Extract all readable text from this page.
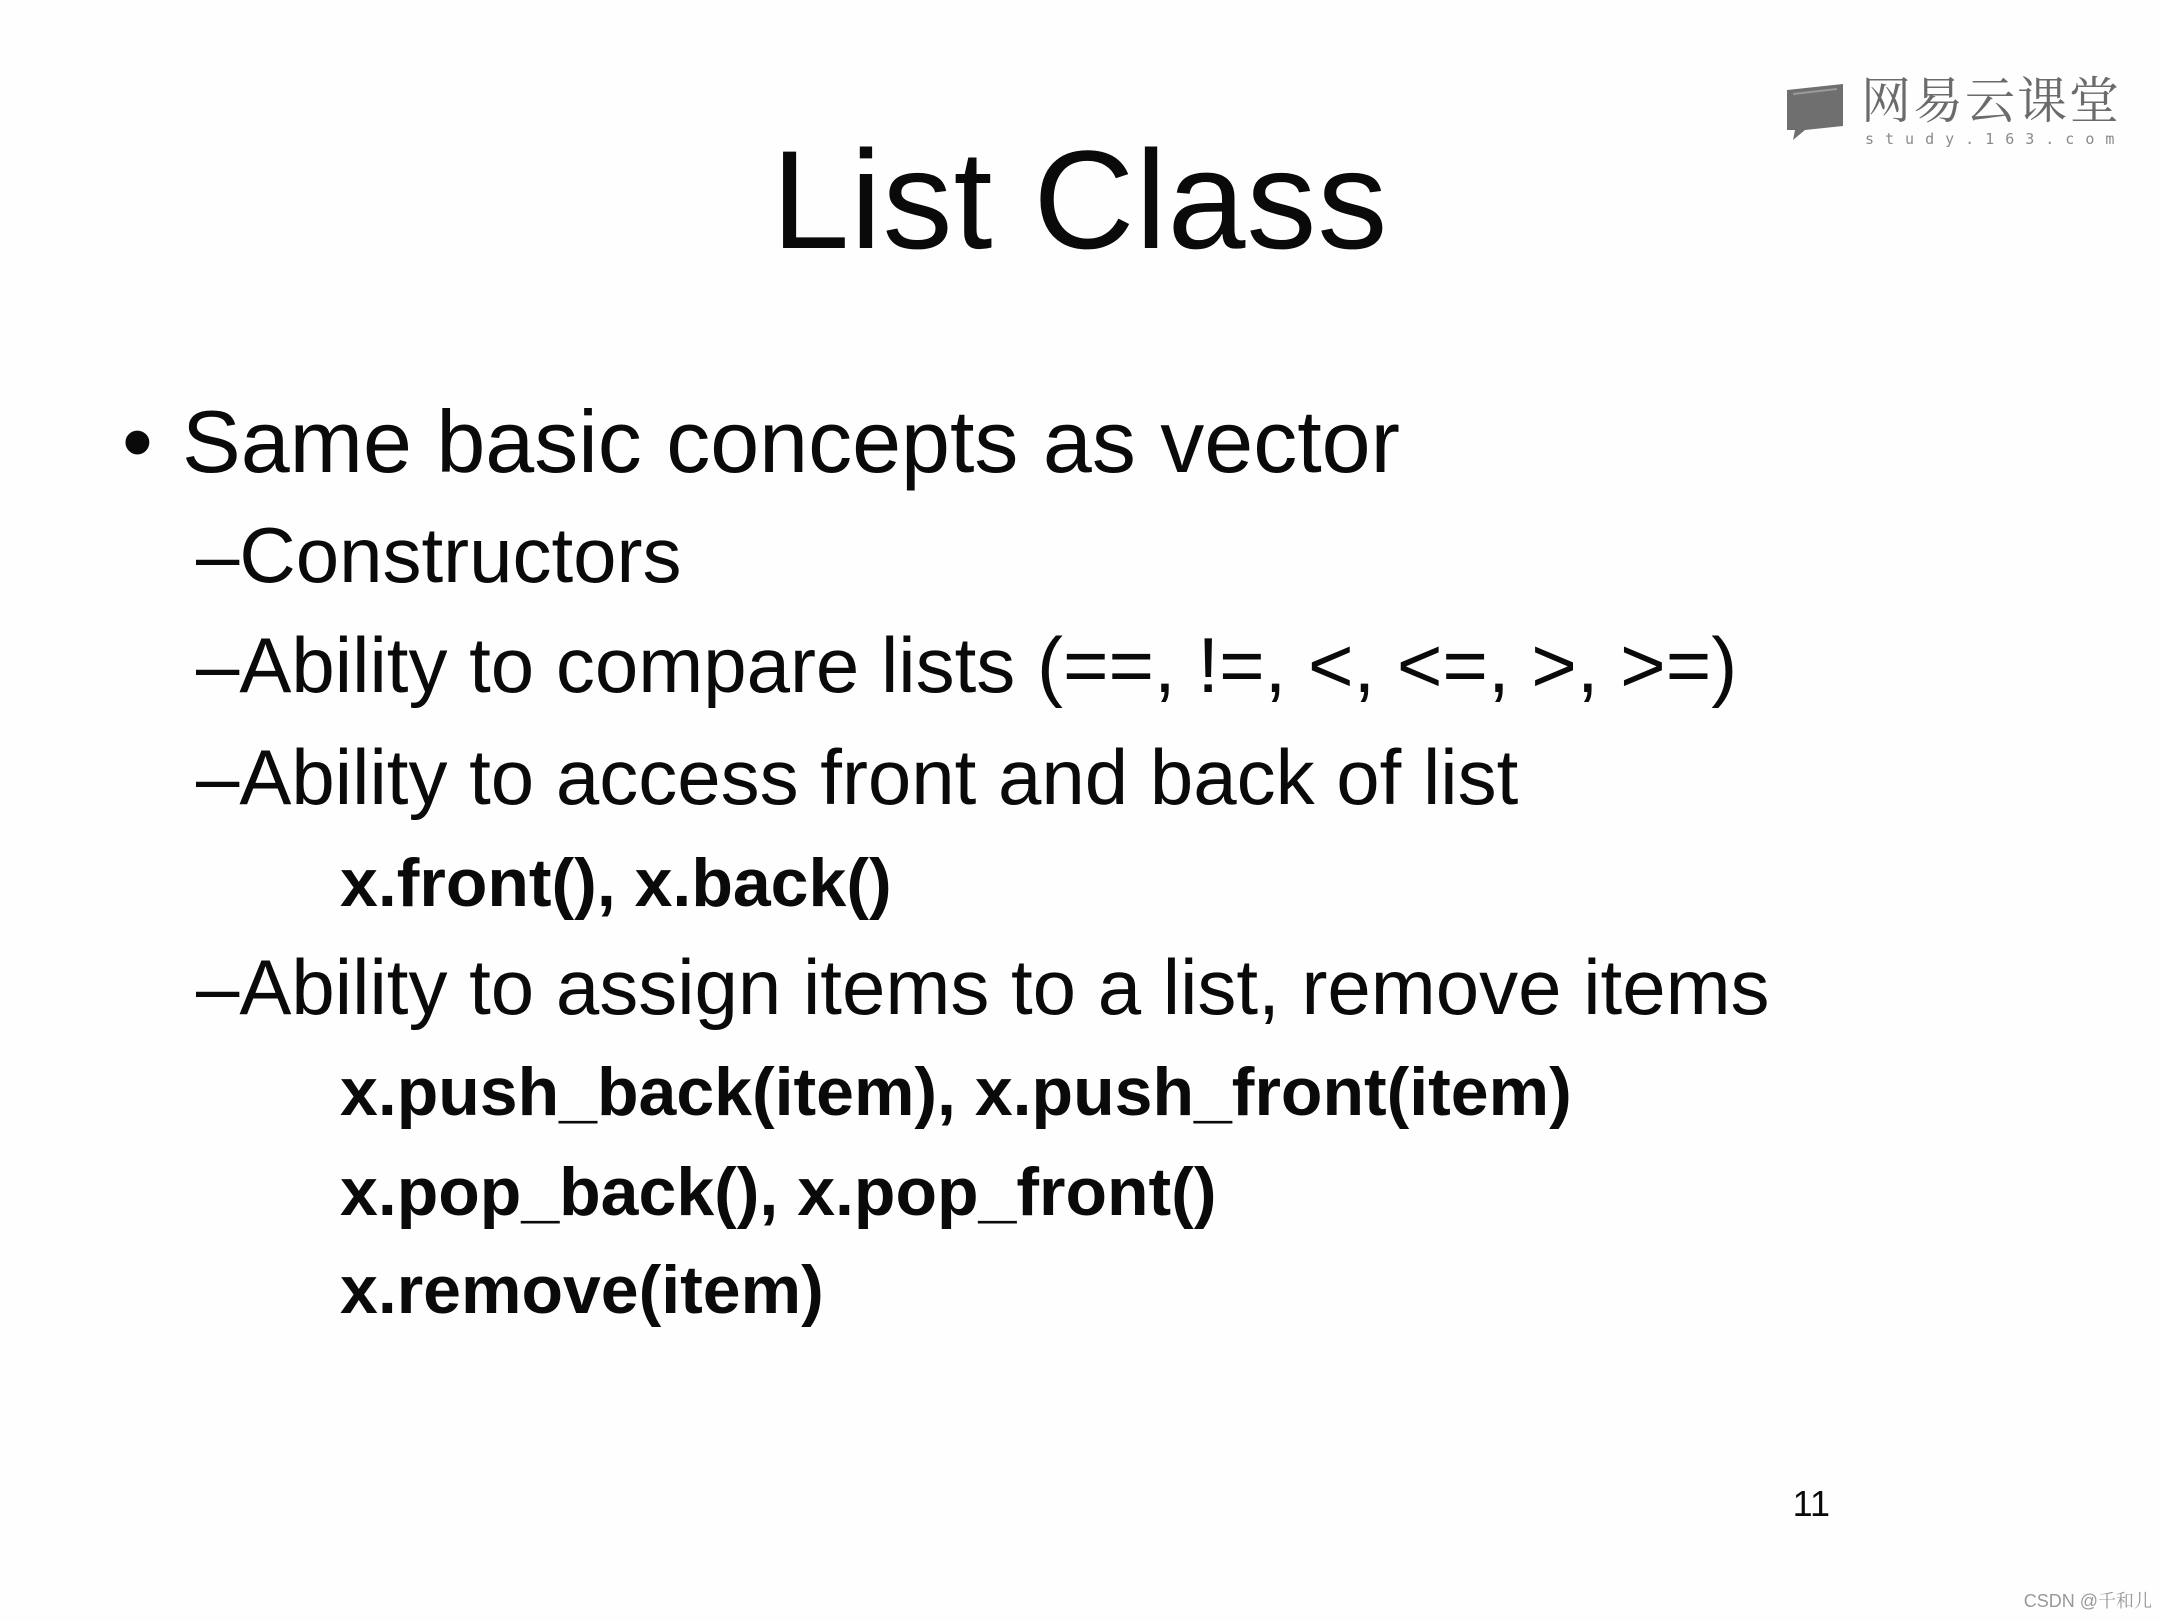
网易云课堂
study.163.com
List Class
• Same basic concepts as vector
–Constructors
–Ability to compare lists (==, !=, <, <=, >, >=)
–Ability to access front and back of list
x.front(), x.back()
–Ability to assign items to a list, remove items
x.push_back(item), x.push_front(item)
x.pop_back(), x.pop_front()
x.remove(item)
11
CSDN @千和儿
